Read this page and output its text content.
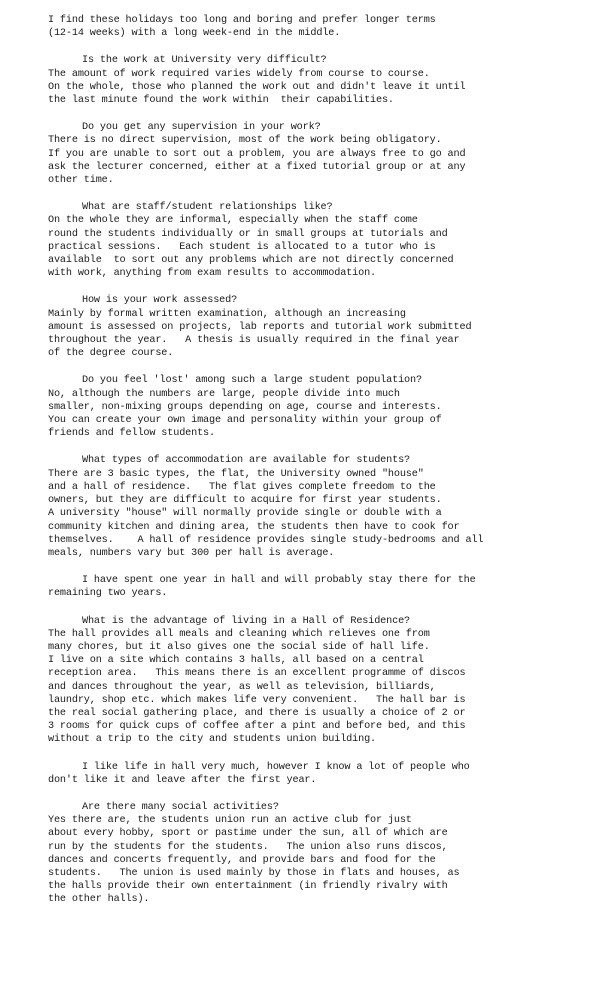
I find these holidays too long and boring and prefer longer terms
(12-14 weeks) with a long week-end in the middle.
Is the work at University very difficult?
The amount of work required varies widely from course to course.
On the whole, those who planned the work out and didn't leave it until
the last minute found the work within  their capabilities.
Do you get any supervision in your work?
There is no direct supervision, most of the work being obligatory.
If you are unable to sort out a problem, you are always free to go and
ask the lecturer concerned, either at a fixed tutorial group or at any
other time.
What are staff/student relationships like?
On the whole they are informal, especially when the staff come
round the students individually or in small groups at tutorials and
practical sessions.   Each student is allocated to a tutor who is
available  to sort out any problems which are not directly concerned
with work, anything from exam results to accommodation.
How is your work assessed?
Mainly by formal written examination, although an increasing
amount is assessed on projects, lab reports and tutorial work submitted
throughout the year.   A thesis is usually required in the final year
of the degree course.
Do you feel 'lost' among such a large student population?
No, although the numbers are large, people divide into much
smaller, non-mixing groups depending on age, course and interests.
You can create your own image and personality within your group of
friends and fellow students.
What types of accommodation are available for students?
There are 3 basic types, the flat, the University owned "house"
and a hall of residence.   The flat gives complete freedom to the
owners, but they are difficult to acquire for first year students.
A university "house" will normally provide single or double with a
community kitchen and dining area, the students then have to cook for
themselves.    A hall of residence provides single study-bedrooms and all
meals, numbers vary but 300 per hall is average.
I have spent one year in hall and will probably stay there for the
remaining two years.
What is the advantage of living in a Hall of Residence?
The hall provides all meals and cleaning which relieves one from
many chores, but it also gives one the social side of hall life.
I live on a site which contains 3 halls, all based on a central
reception area.   This means there is an excellent programme of discos
and dances throughout the year, as well as television, billiards,
laundry, shop etc. which makes life very convenient.   The hall bar is
the real social gathering place, and there is usually a choice of 2 or
3 rooms for quick cups of coffee after a pint and before bed, and this
without a trip to the city and students union building.
I like life in hall very much, however I know a lot of people who
don't like it and leave after the first year.
Are there many social activities?
Yes there are, the students union run an active club for just
about every hobby, sport or pastime under the sun, all of which are
run by the students for the students.   The union also runs discos,
dances and concerts frequently, and provide bars and food for the
students.   The union is used mainly by those in flats and houses, as
the halls provide their own entertainment (in friendly rivalry with
the other halls).
